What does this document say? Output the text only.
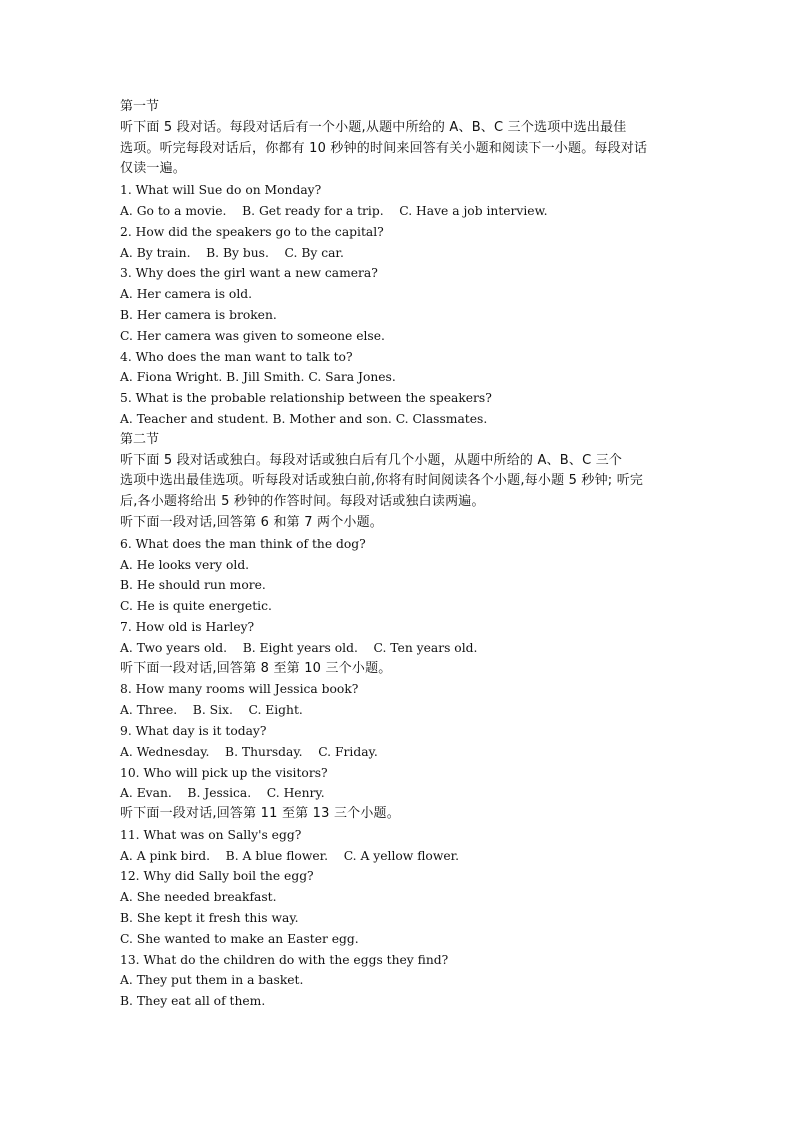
第一节
听下面 5 段对话。每段对话后有一个小题,从题中所给的 A、B、C 三个选项中选出最佳
选项。听完每段对话后，你都有 10 秒钟的时间来回答有关小题和阅读下一小题。每段对话
仅读一遍。
1. What will Sue do on Monday?
A. Go to a movie.    B. Get ready for a trip.    C. Have a job interview.
2. How did the speakers go to the capital?
A. By train.    B. By bus.    C. By car.
3. Why does the girl want a new camera?
A. Her camera is old.
B. Her camera is broken.
C. Her camera was given to someone else.
4. Who does the man want to talk to?
A. Fiona Wright. B. Jill Smith. C. Sara Jones.
5. What is the probable relationship between the speakers?
A. Teacher and student. B. Mother and son. C. Classmates.
第二节
听下面 5 段对话或独白。每段对话或独白后有几个小题，从题中所给的 A、B、C 三个
选项中选出最佳选项。听每段对话或独白前,你将有时间阅读各个小题,每小题 5 秒钟; 听完
后,各小题将给出 5 秒钟的作答时间。每段对话或独白读两遍。
听下面一段对话,回答第 6 和第 7 两个小题。
6. What does the man think of the dog?
A. He looks very old.
B. He should run more.
C. He is quite energetic.
7. How old is Harley?
A. Two years old.    B. Eight years old.    C. Ten years old.
听下面一段对话,回答第 8 至第 10 三个小题。
8. How many rooms will Jessica book?
A. Three.    B. Six.    C. Eight.
9. What day is it today?
A. Wednesday.    B. Thursday.    C. Friday.
10. Who will pick up the visitors?
A. Evan.    B. Jessica.    C. Henry.
听下面一段对话,回答第 11 至第 13 三个小题。
11. What was on Sally's egg?
A. A pink bird.    B. A blue flower.    C. A yellow flower.
12. Why did Sally boil the egg?
A. She needed breakfast.
B. She kept it fresh this way.
C. She wanted to make an Easter egg.
13. What do the children do with the eggs they find?
A. They put them in a basket.
B. They eat all of them.
